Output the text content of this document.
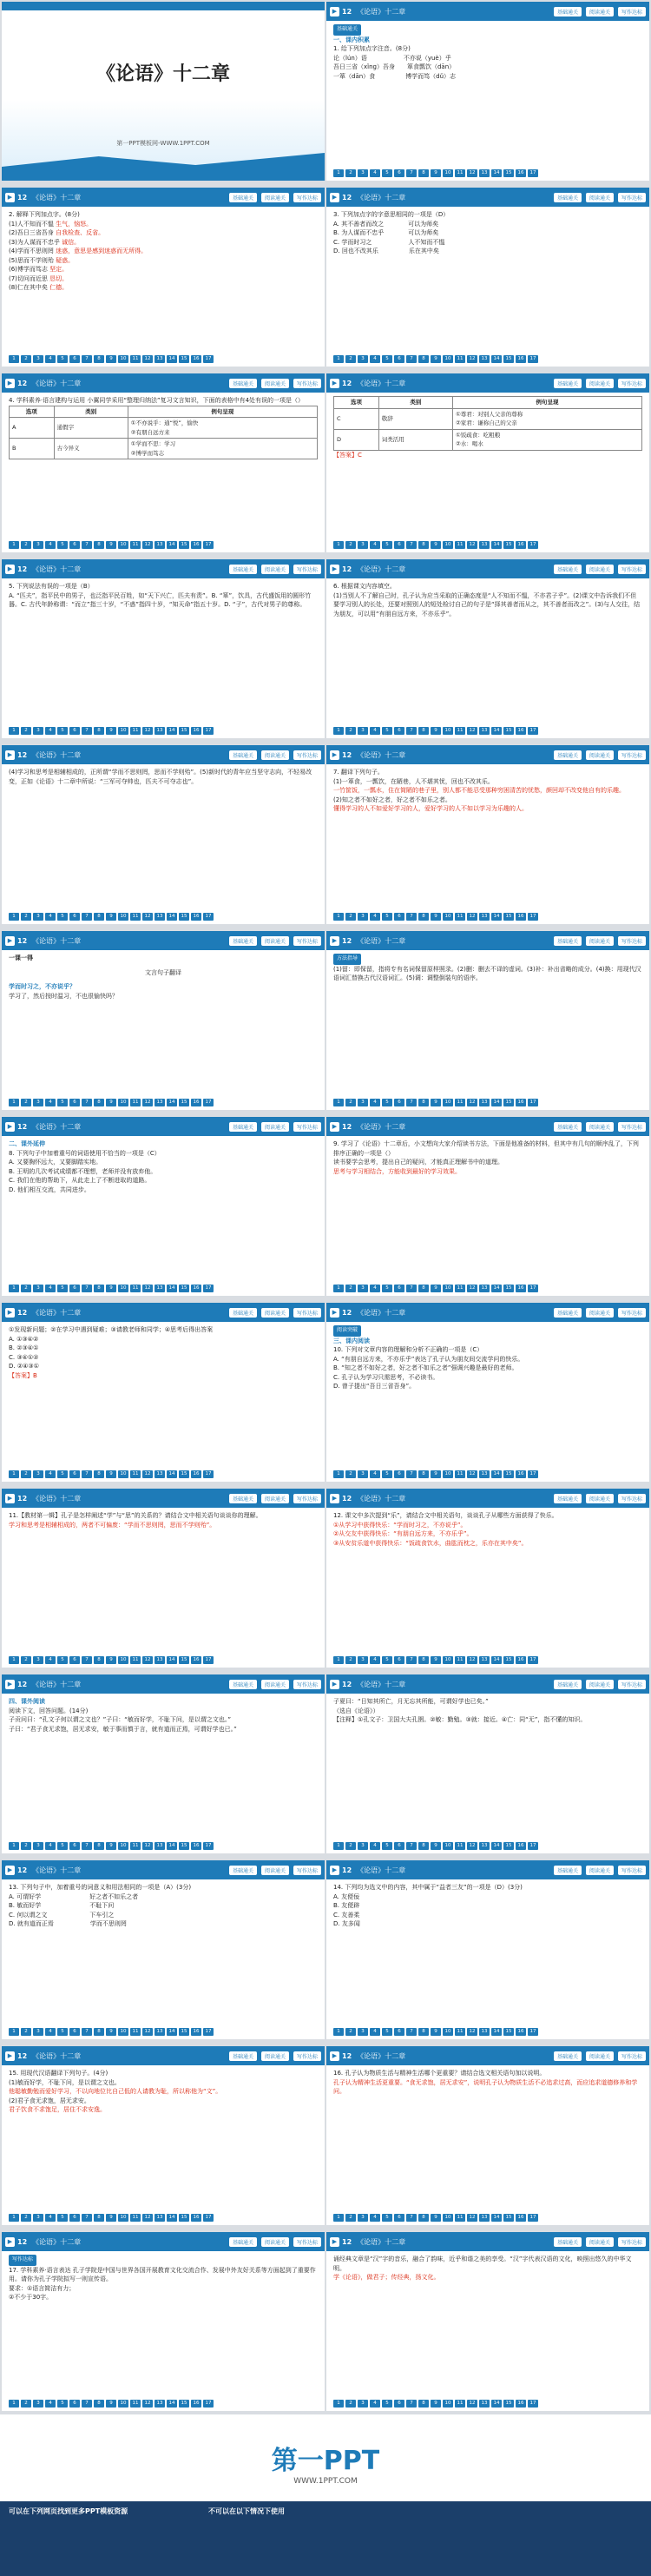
《论语》十二章
第一PPT模板网-WWW.1PPT.COM
▶ 12 《论语》十二章	基础通关	阅读通关	写作达标
基础通关
一、课内积累
1. 给下列加点字注音。(8分)
论（lún）语　　　　　　不亦说（yuè）乎
吾日三省（xǐng）吾身　　箪食瓢饮（dān）
一箪（dān）食　　　　　博学而笃（dǔ）志
1	2	3	4	5	6	7	8	9	10	11	12	13	14	15	16	17
▶ 12 《论语》十二章	基础通关	阅读通关	写作达标
2. 解释下列加点字。(8分)
(1)人不知而不愠 生气，恼怒。
(2)吾日三省吾身 自我检查、反省。
(3)为人谋而不忠乎 诚信。
(4)学而不思则罔 迷惑，意思是感到迷惑而无所得。
(5)思而不学则殆 疑惑。
(6)博学而笃志 坚定。
(7)切问而近思 恳切。
(8)仁在其中矣 仁德。
1	2	3	4	5	6	7	8	9	10	11	12	13	14	15	16	17
▶ 12 《论语》十二章	基础通关	阅读通关	写作达标
3. 下列加点字的字意思相同的一项是（D）
A. 其不善者而改之　　　　可以为师矣
B. 为人谋而不忠乎　　　　可以为师矣
C. 学而时习之　　　　　　人不知而不愠
D. 回也不改其乐　　　　　乐在其中矣
1	2	3	4	5	6	7	8	9	10	11	12	13	14	15	16	17
▶ 12 《论语》十二章	基础通关	阅读通关	写作达标
4. 学科素养·语言建构与运用 小翼同学采用“整理归纳法”复习文言知识，下面的表格中有4处有误的一项是（）
选项	类别	例句呈现
A	通假字	①不亦说乎：通“悦”，愉快
②有朋自远方来

B	古今异义	①学而不思：学习
②博学而笃志
1	2	3	4	5	6	7	8	9	10	11	12	13	14	15	16	17
▶ 12 《论语》十二章	基础通关	阅读通关	写作达标
选项	类别	例句呈现
C	敬辞	①尊君：对别人父亲的尊称
②家君：谦称自己的父亲

D	词类活用	①饭疏食：吃粗粮
②水：喝水
【答案】C
1	2	3	4	5	6	7	8	9	10	11	12	13	14	15	16	17
▶ 12 《论语》十二章	基础通关	阅读通关	写作达标
5. 下列说法有误的一项是（B）
A. “匹夫”，指平民中的男子，也泛指平民百姓，如“天下兴亡，匹夫有责”。B. “箪”，饮具，古代盛饭用的圆形竹器。C. 古代年龄称谓：“而立”指三十岁，“不惑”指四十岁，“知天命”指五十岁。D. “子”，古代对男子的尊称。
1	2	3	4	5	6	7	8	9	10	11	12	13	14	15	16	17
▶ 12 《论语》十二章	基础通关	阅读通关	写作达标
6. 根据课文内容填空。
(1)当别人不了解自己时，孔子认为应当采取的正确态度是“人不知而不愠，不亦君子乎”。(2)课文中告诉我们不但要学习别人的长处，还要对照别人的短处检讨自己的句子是“择其善者而从之，其不善者而改之”。(3)与人交往，结为朋友，可以用“有朋自远方来，不亦乐乎”。
1	2	3	4	5	6	7	8	9	10	11	12	13	14	15	16	17
▶ 12 《论语》十二章	基础通关	阅读通关	写作达标
(4)学习和思考是相辅相成的，正所谓“学而不思则罔，思而不学则殆”。(5)新时代的青年应当坚守志向，不轻易改变，正如《论语》十二章中所说：“三军可夺帅也，匹夫不可夺志也”。
1	2	3	4	5	6	7	8	9	10	11	12	13	14	15	16	17
▶ 12 《论语》十二章	基础通关	阅读通关	写作达标
7. 翻译下列句子。
(1)一箪食，一瓢饮，在陋巷，人不堪其忧，回也不改其乐。
一竹筐饭，一瓢水，住在简陋的巷子里，别人都不能忍受那种穷困清苦的忧愁，颜回却不改变他自有的乐趣。
(2)知之者不如好之者，好之者不如乐之者。
懂得学习的人不如爱好学习的人，爱好学习的人不如以学习为乐趣的人。
1	2	3	4	5	6	7	8	9	10	11	12	13	14	15	16	17
▶ 12 《论语》十二章	基础通关	阅读通关	写作达标
一课一得
文言句子翻译
学而时习之，不亦说乎？
学习了，然后按时温习，不也很愉快吗？
1	2	3	4	5	6	7	8	9	10	11	12	13	14	15	16	17
▶ 12 《论语》十二章	基础通关	阅读通关	写作达标
方法指导
(1)留：即保留，指将专有名词保留原样照录。(2)删：删去不译的虚词。(3)补：补出省略的成分。(4)换：用现代汉语词汇替换古代汉语词汇。(5)调：调整倒装句的语序。
1	2	3	4	5	6	7	8	9	10	11	12	13	14	15	16	17
▶ 12 《论语》十二章	基础通关	阅读通关	写作达标
二、课外延伸
8. 下列句子中加着重号的词语使用不恰当的一项是（C）
A. 又要胸怀远大，又要脚踏实地。
B. 王明的几次考试成绩都不理想，老师并没有放弃他。
C. 我们在他的帮助下，从此走上了不断进取的道路。
D. 他们相互交流，共同进步。
1	2	3	4	5	6	7	8	9	10	11	12	13	14	15	16	17
▶ 12 《论语》十二章	基础通关	阅读通关	写作达标
9. 学习了《论语》十二章后，小文想向大家介绍读书方法，下面是他准备的材料，但其中有几句的顺序乱了，下列排序正确的一项是（）
读书要学会思考，提出自己的疑问，才能真正理解书中的道理。
思考与学习相结合，方能收到最好的学习效果。
1	2	3	4	5	6	7	8	9	10	11	12	13	14	15	16	17
▶ 12 《论语》十二章	基础通关	阅读通关	写作达标
①发现新问题；②在学习中遇到疑难；③请教老师和同学；④思考后得出答案
A. ①③④②
B. ②③④①
C. ③④①②
D. ②④③①
【答案】B
1	2	3	4	5	6	7	8	9	10	11	12	13	14	15	16	17
▶ 12 《论语》十二章	基础通关	阅读通关	写作达标
阅读突破
三、课内阅读
10. 下列对文章内容的理解和分析不正确的一项是（C）
A. “有朋自远方来，不亦乐乎”表达了孔子认为朋友间交流学问的快乐。
B. “知之者不如好之者，好之者不如乐之者”强调兴趣是最好的老师。
C. 孔子认为学习只需思考，不必读书。
D. 曾子提出“吾日三省吾身”。
1	2	3	4	5	6	7	8	9	10	11	12	13	14	15	16	17
▶ 12 《论语》十二章	基础通关	阅读通关	写作达标
11.【教材第一辑】孔子是怎样阐述“学”与“思”的关系的？请结合文中相关语句谈谈你的理解。
学习和思考是相辅相成的，两者不可偏废：“学而不思则罔，思而不学则殆”。
1	2	3	4	5	6	7	8	9	10	11	12	13	14	15	16	17
▶ 12 《论语》十二章	基础通关	阅读通关	写作达标
12. 课文中多次提到“乐”，请结合文中相关语句，谈谈孔子从哪些方面获得了快乐。
①从学习中获得快乐：“学而时习之，不亦说乎”。
②从交友中获得快乐：“有朋自远方来，不亦乐乎”。
③从安贫乐道中获得快乐：“饭疏食饮水，曲肱而枕之，乐亦在其中矣”。
1	2	3	4	5	6	7	8	9	10	11	12	13	14	15	16	17
▶ 12 《论语》十二章	基础通关	阅读通关	写作达标
四、课外阅读
阅读下文，回答问题。(14分)
子贡问曰：“孔文子何以谓之文也？”子曰：“敏而好学，不耻下问，是以谓之文也。”
子曰：“君子食无求饱，居无求安，敏于事而慎于言，就有道而正焉，可谓好学也已。”
1	2	3	4	5	6	7	8	9	10	11	12	13	14	15	16	17
▶ 12 《论语》十二章	基础通关	阅读通关	写作达标
子夏曰：“日知其所亡，月无忘其所能，可谓好学也已矣。”
（选自《论语》）
【注释】①孔文子：卫国大夫孔圉。②敏：勤勉。③就：接近。④亡：同“无”，指不懂的知识。
1	2	3	4	5	6	7	8	9	10	11	12	13	14	15	16	17
▶ 12 《论语》十二章	基础通关	阅读通关	写作达标
13. 下列句子中，加着重号的词意义和用法相同的一项是（A）(3分)
A. 可谓好学　　　　　　　　好之者不如乐之者
B. 敏而好学　　　　　　　　不耻下问
C. 何以谓之文　　　　　　　下车引之
D. 就有道而正焉　　　　　　学而不思则罔
1	2	3	4	5	6	7	8	9	10	11	12	13	14	15	16	17
▶ 12 《论语》十二章	基础通关	阅读通关	写作达标
14. 下列均为选文中的内容，其中属于“益者三友”的一项是（D）(3分)
A. 友便佞
B. 友便辟
C. 友善柔
D. 友多闻
1	2	3	4	5	6	7	8	9	10	11	12	13	14	15	16	17
▶ 12 《论语》十二章	基础通关	阅读通关	写作达标
15. 用现代汉语翻译下列句子。(4分)
(1)敏而好学，不耻下问，是以谓之文也。
他聪敏勤勉而爱好学习，不以向地位比自己低的人请教为耻，所以称他为“文”。
(2)君子食无求饱，居无求安。
君子饮食不求饱足，居住不求安逸。
1	2	3	4	5	6	7	8	9	10	11	12	13	14	15	16	17
▶ 12 《论语》十二章	基础通关	阅读通关	写作达标
16. 孔子认为物质生活与精神生活哪个更重要？请结合选文相关语句加以说明。
孔子认为精神生活更重要。“食无求饱，居无求安”，说明孔子认为物质生活不必追求过高，而应追求道德修养和学问。
1	2	3	4	5	6	7	8	9	10	11	12	13	14	15	16	17
▶ 12 《论语》十二章	基础通关	阅读通关	写作达标
写作达标
17. 学科素养·语言表达 孔子学院是中国与世界各国开展教育文化交流合作、发展中外友好关系等方面起到了重要作用。请你为孔子学院拟写一则宣传语。
要求：①语言简洁有力；
②不少于30字。
1	2	3	4	5	6	7	8	9	10	11	12	13	14	15	16	17
▶ 12 《论语》十二章	基础通关	阅读通关	写作达标
诵经典文章是“汉”字的音乐，融合了韵味，近乎和谐之美的享受。“汉”字代表汉语的文化，映照出悠久的中华文明。
学《论语》，做君子；传经典，扬文化。
1	2	3	4	5	6	7	8	9	10	11	12	13	14	15	16	17
第一PPT
WWW.1PPT.COM
可以在下列网页找到更多PPT模板资源	不可以在以下情况下使用
